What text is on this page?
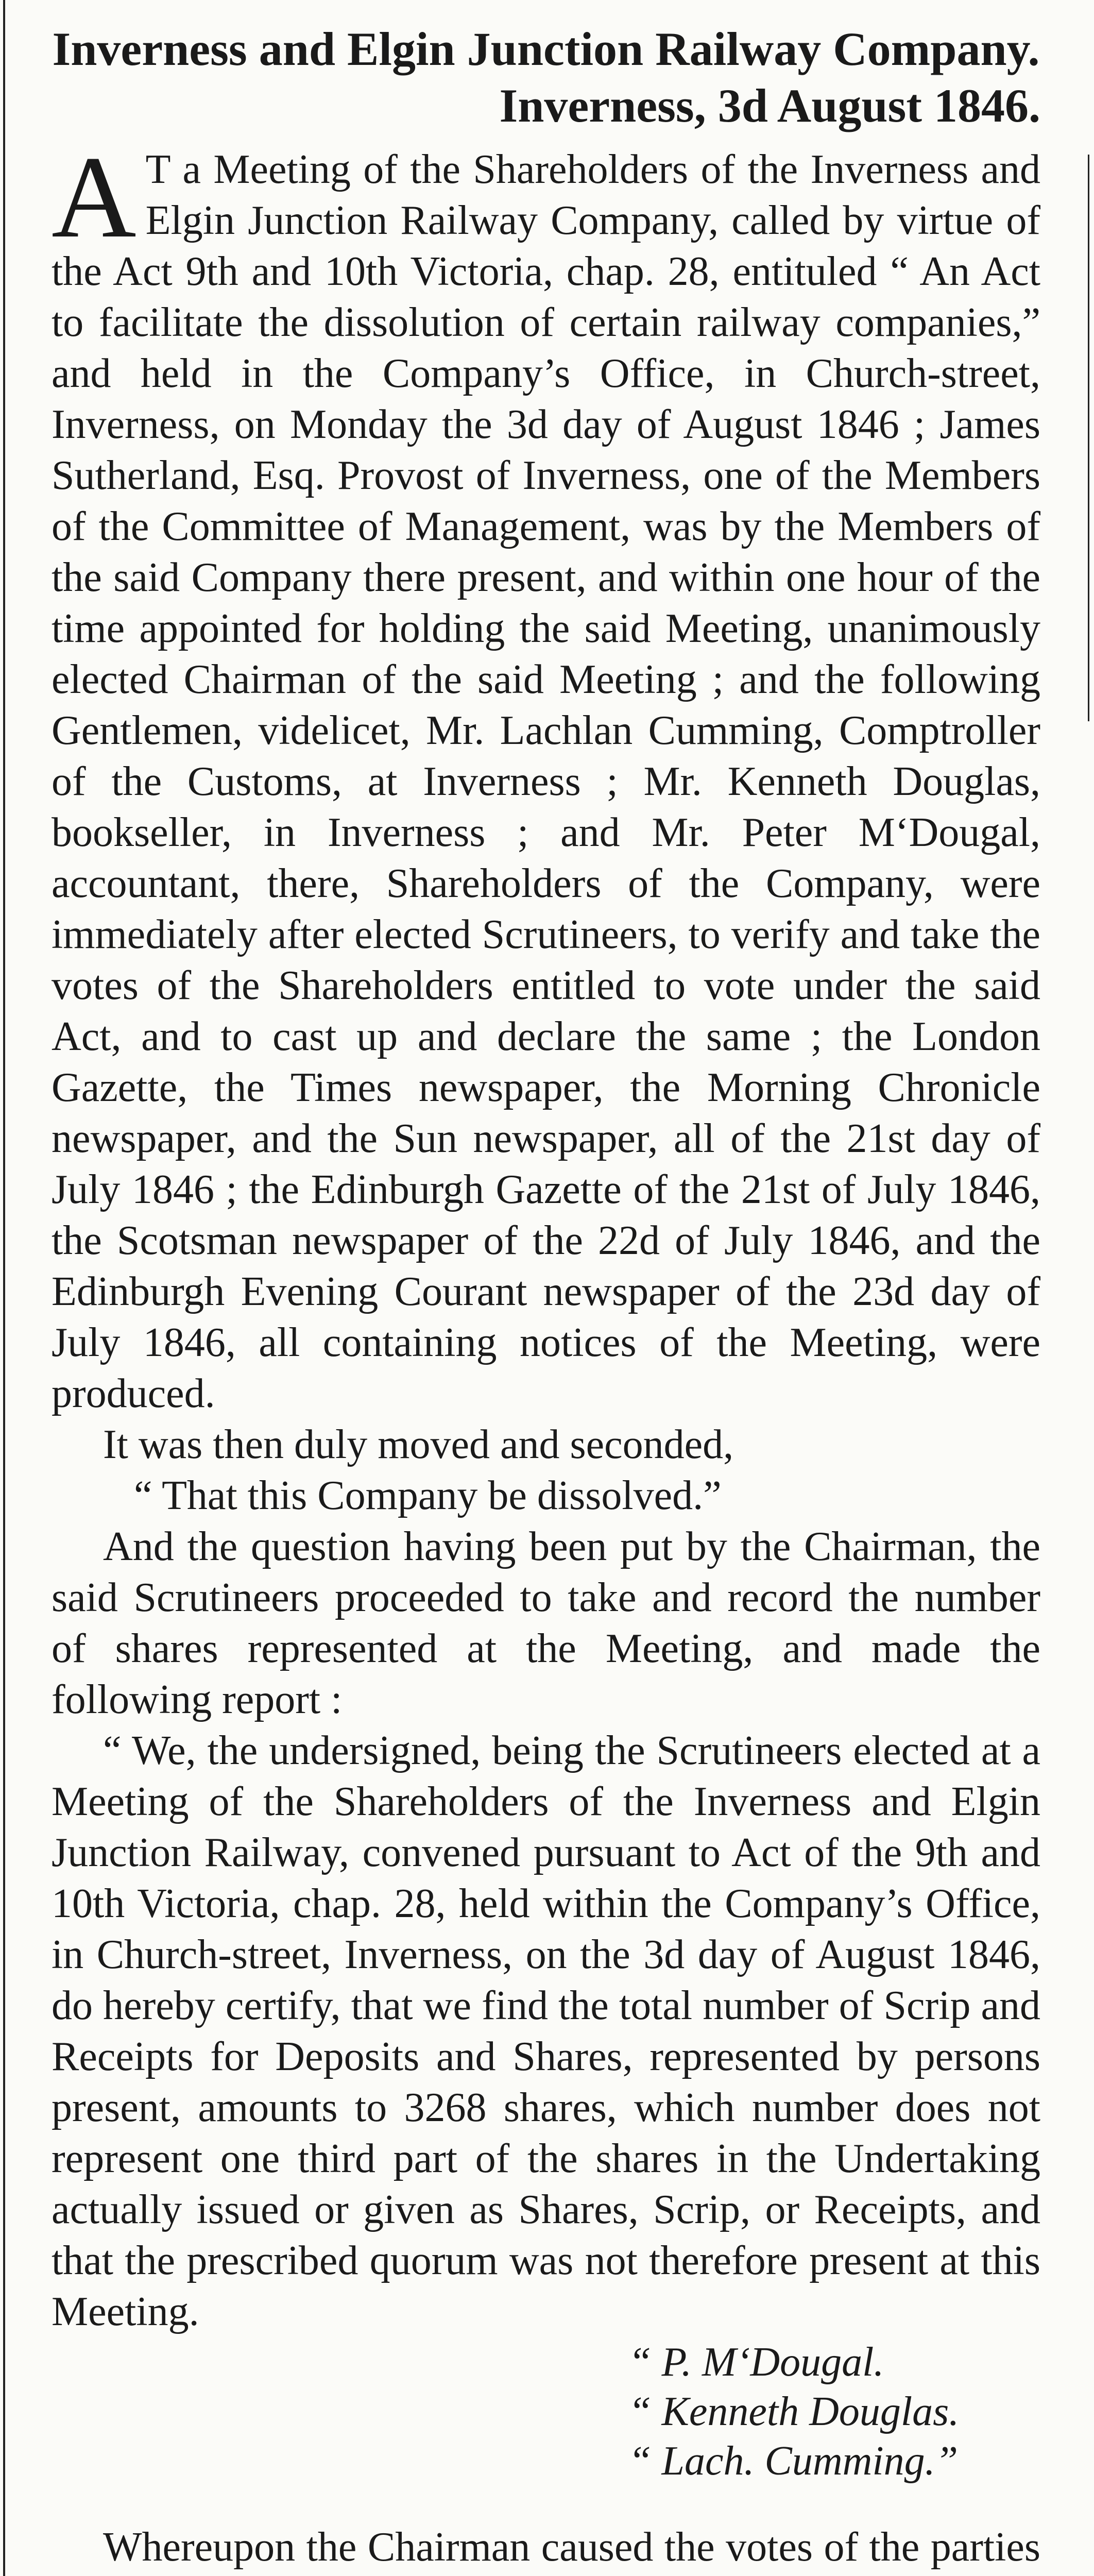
Inverness and Elgin Junction Railway Company.
Inverness, 3d August 1846.

A T a Meeting of the Shareholders of the Inverness and Elgin Junction Railway Company, called by virtue of the Act 9th and 10th Victoria, chap. 28, entituled “ An Act to facilitate the dissolution of certain railway companies,” and held in the Company’s Office, in Church-street, Inverness, on Monday the 3d day of August 1846 ; James Sutherland, Esq. Provost of Inverness, one of the Members of the Committee of Management, was by the Members of the said Company there present, and within one hour of the time appointed for holding the said Meeting, unanimously elected Chairman of the said Meeting ; and the following Gentlemen, videlicet, Mr. Lachlan Cumming, Comptroller of the Customs, at Inverness ; Mr. Kenneth Douglas, bookseller, in Inverness ; and Mr. Peter M‘Dougal, accountant, there, Shareholders of the Company, were immediately after elected Scrutineers, to verify and take the votes of the Shareholders entitled to vote under the said Act, and to cast up and declare the same ; the London Gazette, the Times newspaper, the Morning Chronicle newspaper, and the Sun newspaper, all of the 21st day of July 1846 ; the Edinburgh Gazette of the 21st of July 1846, the Scotsman newspaper of the 22d of July 1846, and the Edinburgh Evening Courant newspaper of the 23d day of July 1846, all containing notices of the Meeting, were produced.

It was then duly moved and seconded,

“ That this Company be dissolved.”

And the question having been put by the Chairman, the said Scrutineers proceeded to take and record the number of shares represented at the Meeting, and made the following report :

“ We, the undersigned, being the Scrutineers elected at a Meeting of the Shareholders of the Inverness and Elgin Junction Railway, convened pursuant to Act of the 9th and 10th Victoria, chap. 28, held within the Company’s Office, in Church-street, Inverness, on the 3d day of August 1846, do hereby certify, that we find the total number of Scrip and Receipts for Deposits and Shares, represented by persons present, amounts to 3268 shares, which number does not represent one third part of the shares in the Undertaking actually issued or given as Shares, Scrip, or Receipts, and that the prescribed quorum was not therefore present at this Meeting.

“ P. M‘Dougal.
“ Kenneth Douglas.
“ Lach. Cumming.”

Whereupon the Chairman caused the votes of the parties
